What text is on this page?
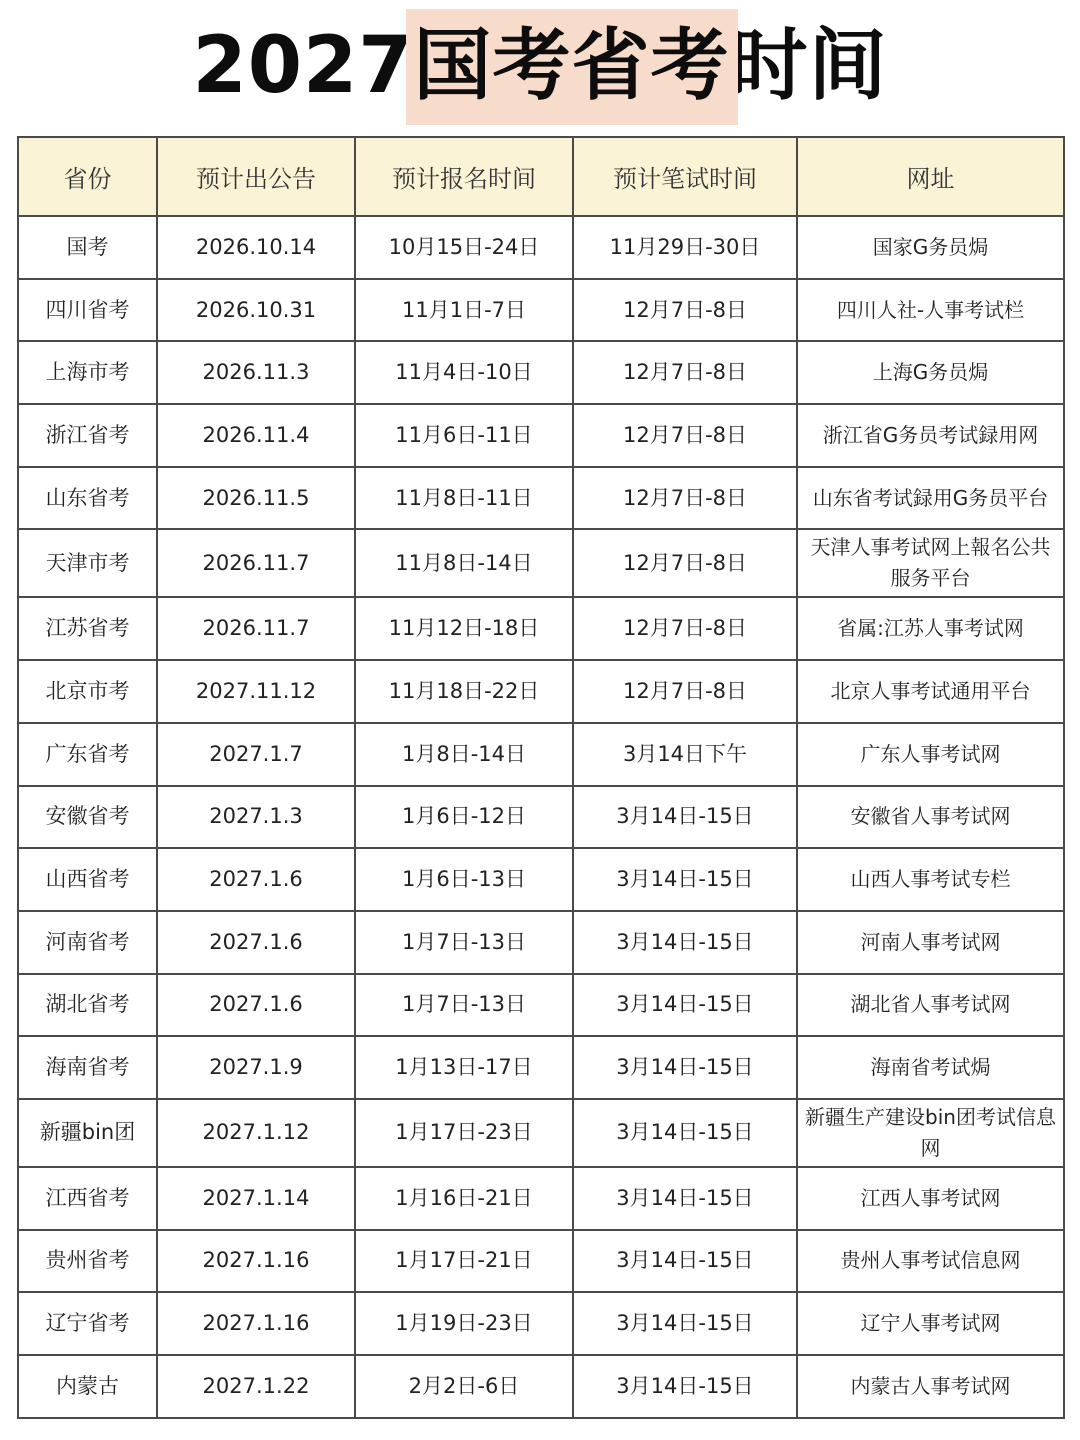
2027国考省考时间
省份	预计出公告	预计报名时间	预计笔试时间	网址
国考	2026.10.14	10月15日-24日	11月29日-30日	国家G务员焗
四川省考	2026.10.31	11月1日-7日	12月7日-8日	四川人社-人事考试栏
上海市考	2026.11.3	11月4日-10日	12月7日-8日	上海G务员焗
浙江省考	2026.11.4	11月6日-11日	12月7日-8日	浙江省G务员考试録用网
山东省考	2026.11.5	11月8日-11日	12月7日-8日	山东省考试録用G务员平台
天津市考	2026.11.7	11月8日-14日	12月7日-8日	天津人事考试网上報名公共服务平台
江苏省考	2026.11.7	11月12日-18日	12月7日-8日	省属:江苏人事考试网
北京市考	2027.11.12	11月18日-22日	12月7日-8日	北京人事考试通用平台
广东省考	2027.1.7	1月8日-14日	3月14日下午	广东人事考试网
安徽省考	2027.1.3	1月6日-12日	3月14日-15日	安徽省人事考试网
山西省考	2027.1.6	1月6日-13日	3月14日-15日	山西人事考试专栏
河南省考	2027.1.6	1月7日-13日	3月14日-15日	河南人事考试网
湖北省考	2027.1.6	1月7日-13日	3月14日-15日	湖北省人事考试网
海南省考	2027.1.9	1月13日-17日	3月14日-15日	海南省考试焗
新疆bin团	2027.1.12	1月17日-23日	3月14日-15日	新疆生产建设bin团考试信息网
江西省考	2027.1.14	1月16日-21日	3月14日-15日	江西人事考试网
贵州省考	2027.1.16	1月17日-21日	3月14日-15日	贵州人事考试信息网
辽宁省考	2027.1.16	1月19日-23日	3月14日-15日	辽宁人事考试网
内蒙古	2027.1.22	2月2日-6日	3月14日-15日	内蒙古人事考试网
